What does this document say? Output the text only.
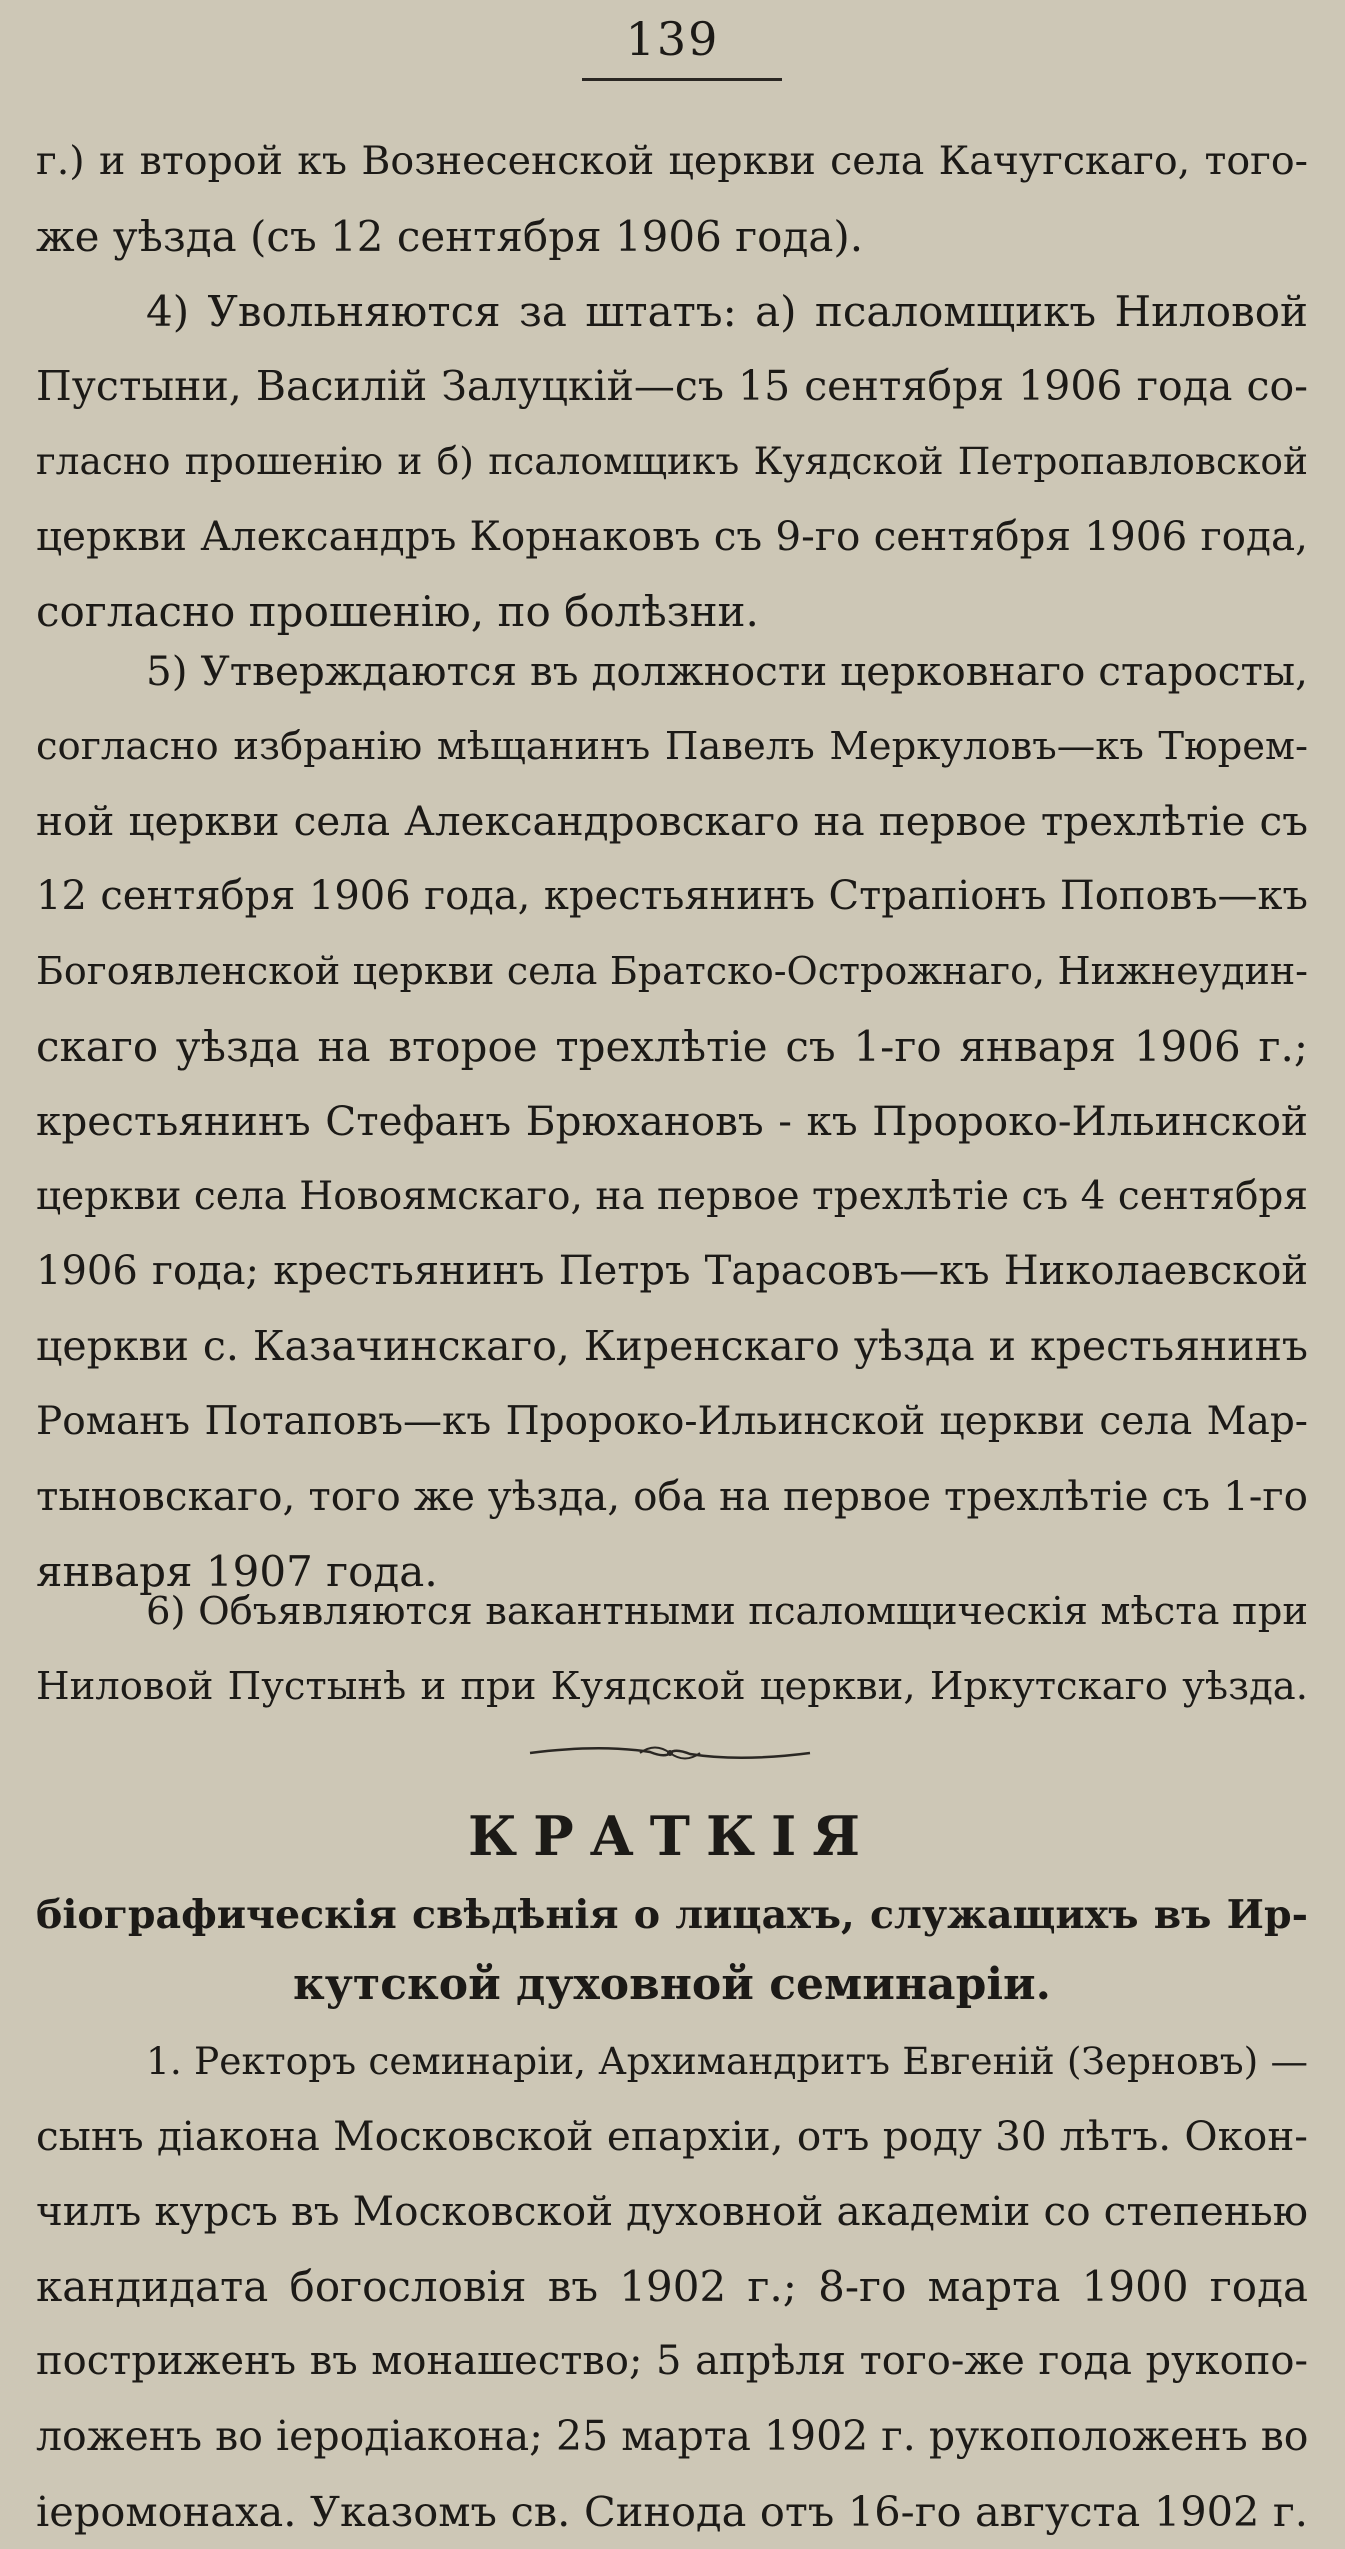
139
г.) и второй къ Вознесенской церкви села Качугскаго, того-
же уѣзда (съ 12 сентября 1906 года).
4) Увольняются за штатъ: а) псаломщикъ Ниловой
Пустыни, Василій Залуцкій—съ 15 сентября 1906 года со-
гласно прошенію и б) псаломщикъ Куядской Петропавловской
церкви Александръ Корнаковъ съ 9-го сентября 1906 года,
согласно прошенію, по болѣзни.
5) Утверждаются въ должности церковнаго старосты,
согласно избранію мѣщанинъ Павелъ Меркуловъ—къ Тюрем-
ной церкви села Александровскаго на первое трехлѣтіе съ
12 сентября 1906 года, крестьянинъ Страпіонъ Поповъ—къ
Богоявленской церкви села Братско-Острожнаго, Нижнеудин-
скаго уѣзда на второе трехлѣтіе съ 1-го января 1906 г.;
крестьянинъ Стефанъ Брюхановъ - къ Пророко-Ильинской
церкви села Новоямскаго, на первое трехлѣтіе съ 4 сентября
1906 года; крестьянинъ Петръ Тарасовъ—къ Николаевской
церкви с. Казачинскаго, Киренскаго уѣзда и крестьянинъ
Романъ Потаповъ—къ Пророко-Ильинской церкви села Мар-
тыновскаго, того же уѣзда, оба на первое трехлѣтіе съ 1-го
января 1907 года.
6) Объявляются вакантными псаломщическія мѣста при
Ниловой Пустынѣ и при Куядской церкви, Иркутскаго уѣзда.
КРАТКІЯ
біографическія свѣдѣнія о лицахъ, служащихъ въ Ир-
кутской духовной семинаріи.
1. Ректоръ семинаріи, Архимандритъ Евгеній (Зерновъ) —
сынъ діакона Московской епархіи, отъ роду 30 лѣтъ. Окон-
чилъ курсъ въ Московской духовной академіи со степенью
кандидата богословія въ 1902 г.; 8-го марта 1900 года
постриженъ въ монашество; 5 апрѣля того-же года рукопо-
ложенъ во іеродіакона; 25 марта 1902 г. рукоположенъ во
іеромонаха. Указомъ св. Синода отъ 16-го августа 1902 г.
